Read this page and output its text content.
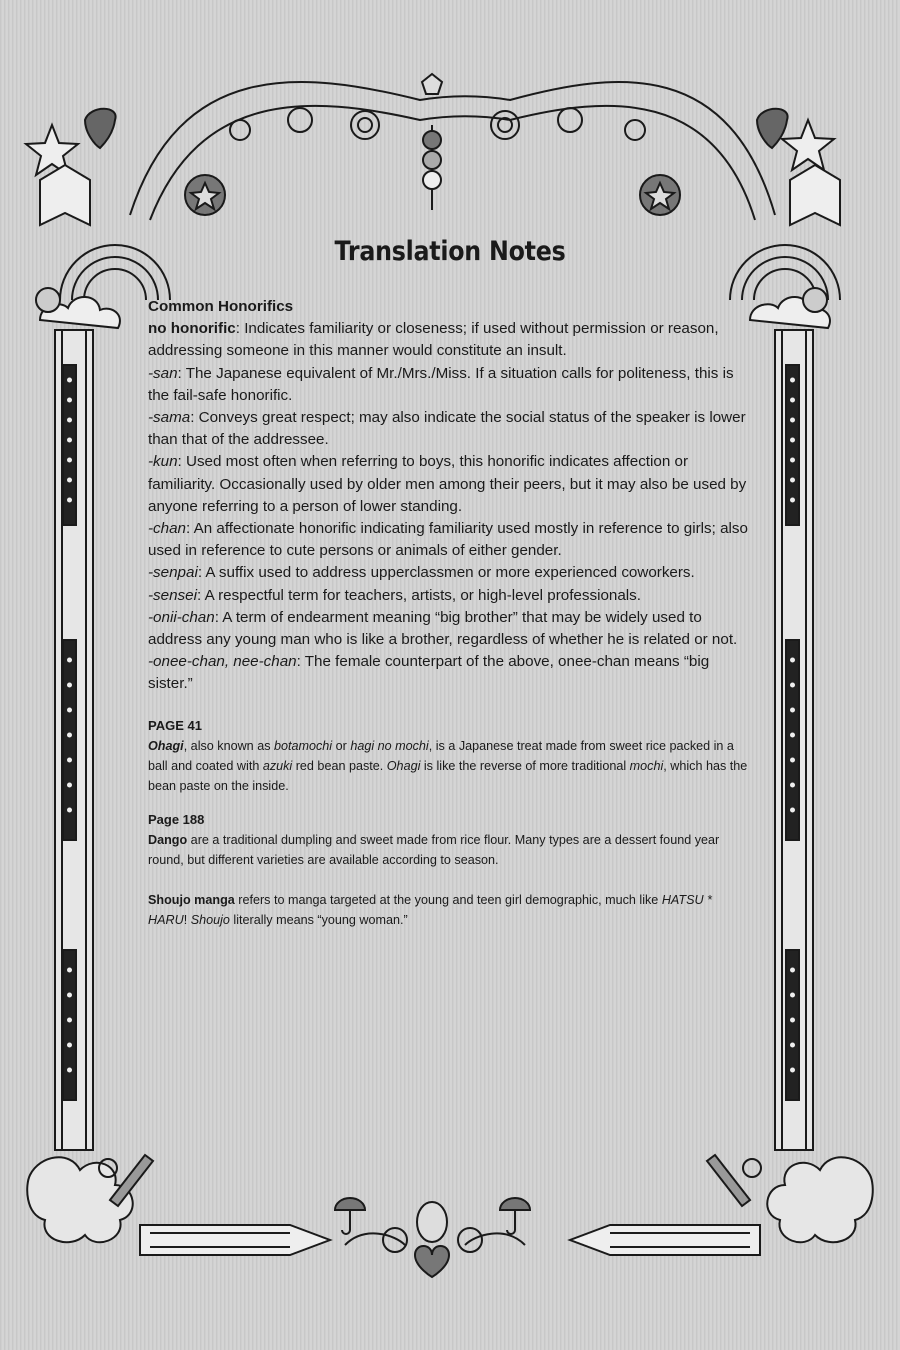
Translation Notes

Common Honorifics

no honorific: Indicates familiarity or closeness; if used without permission or reason, addressing someone in this manner would constitute an insult.

-san: The Japanese equivalent of Mr./Mrs./Miss. If a situation calls for politeness, this is the fail-safe honorific.

-sama: Conveys great respect; may also indicate the social status of the speaker is lower than that of the addressee.

-kun: Used most often when referring to boys, this honorific indicates affection or familiarity. Occasionally used by older men among their peers, but it may also be used by anyone referring to a person of lower standing.

-chan: An affectionate honorific indicating familiarity used mostly in reference to girls; also used in reference to cute persons or animals of either gender.

-senpai: A suffix used to address upperclassmen or more experienced coworkers.

-sensei: A respectful term for teachers, artists, or high-level professionals.

-onii-chan: A term of endearment meaning “big brother” that may be widely used to address any young man who is like a brother, regardless of whether he is related or not.

-onee-chan, nee-chan: The female counterpart of the above, onee-chan means “big sister.”

PAGE 41

Ohagi, also known as botamochi or hagi no mochi, is a Japanese treat made from sweet rice packed in a ball and coated with azuki red bean paste. Ohagi is like the reverse of more traditional mochi, which has the bean paste on the inside.

Page 188

Dango are a traditional dumpling and sweet made from rice flour. Many types are a dessert found year round, but different varieties are available according to season.

Shoujo manga refers to manga targeted at the young and teen girl demographic, much like HATSU * HARU! Shoujo literally means “young woman.”
